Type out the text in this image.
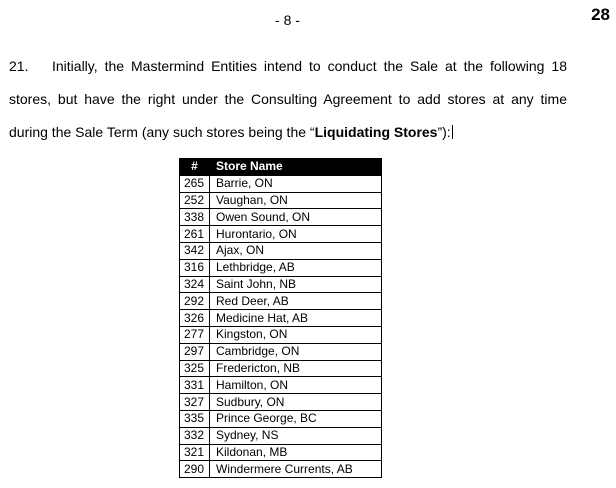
- 8 -	28
21. Initially, the Mastermind Entities intend to conduct the Sale at the following 18 stores, but have the right under the Consulting Agreement to add stores at any time during the Sale Term (any such stores being the “Liquidating Stores”):
#	Store Name
265	Barrie, ON
252	Vaughan, ON
338	Owen Sound, ON
261	Hurontario, ON
342	Ajax, ON
316	Lethbridge, AB
324	Saint John, NB
292	Red Deer, AB
326	Medicine Hat, AB
277	Kingston, ON
297	Cambridge, ON
325	Fredericton, NB
331	Hamilton, ON
327	Sudbury, ON
335	Prince George, BC
332	Sydney, NS
321	Kildonan, MB
290	Windermere Currents, AB
